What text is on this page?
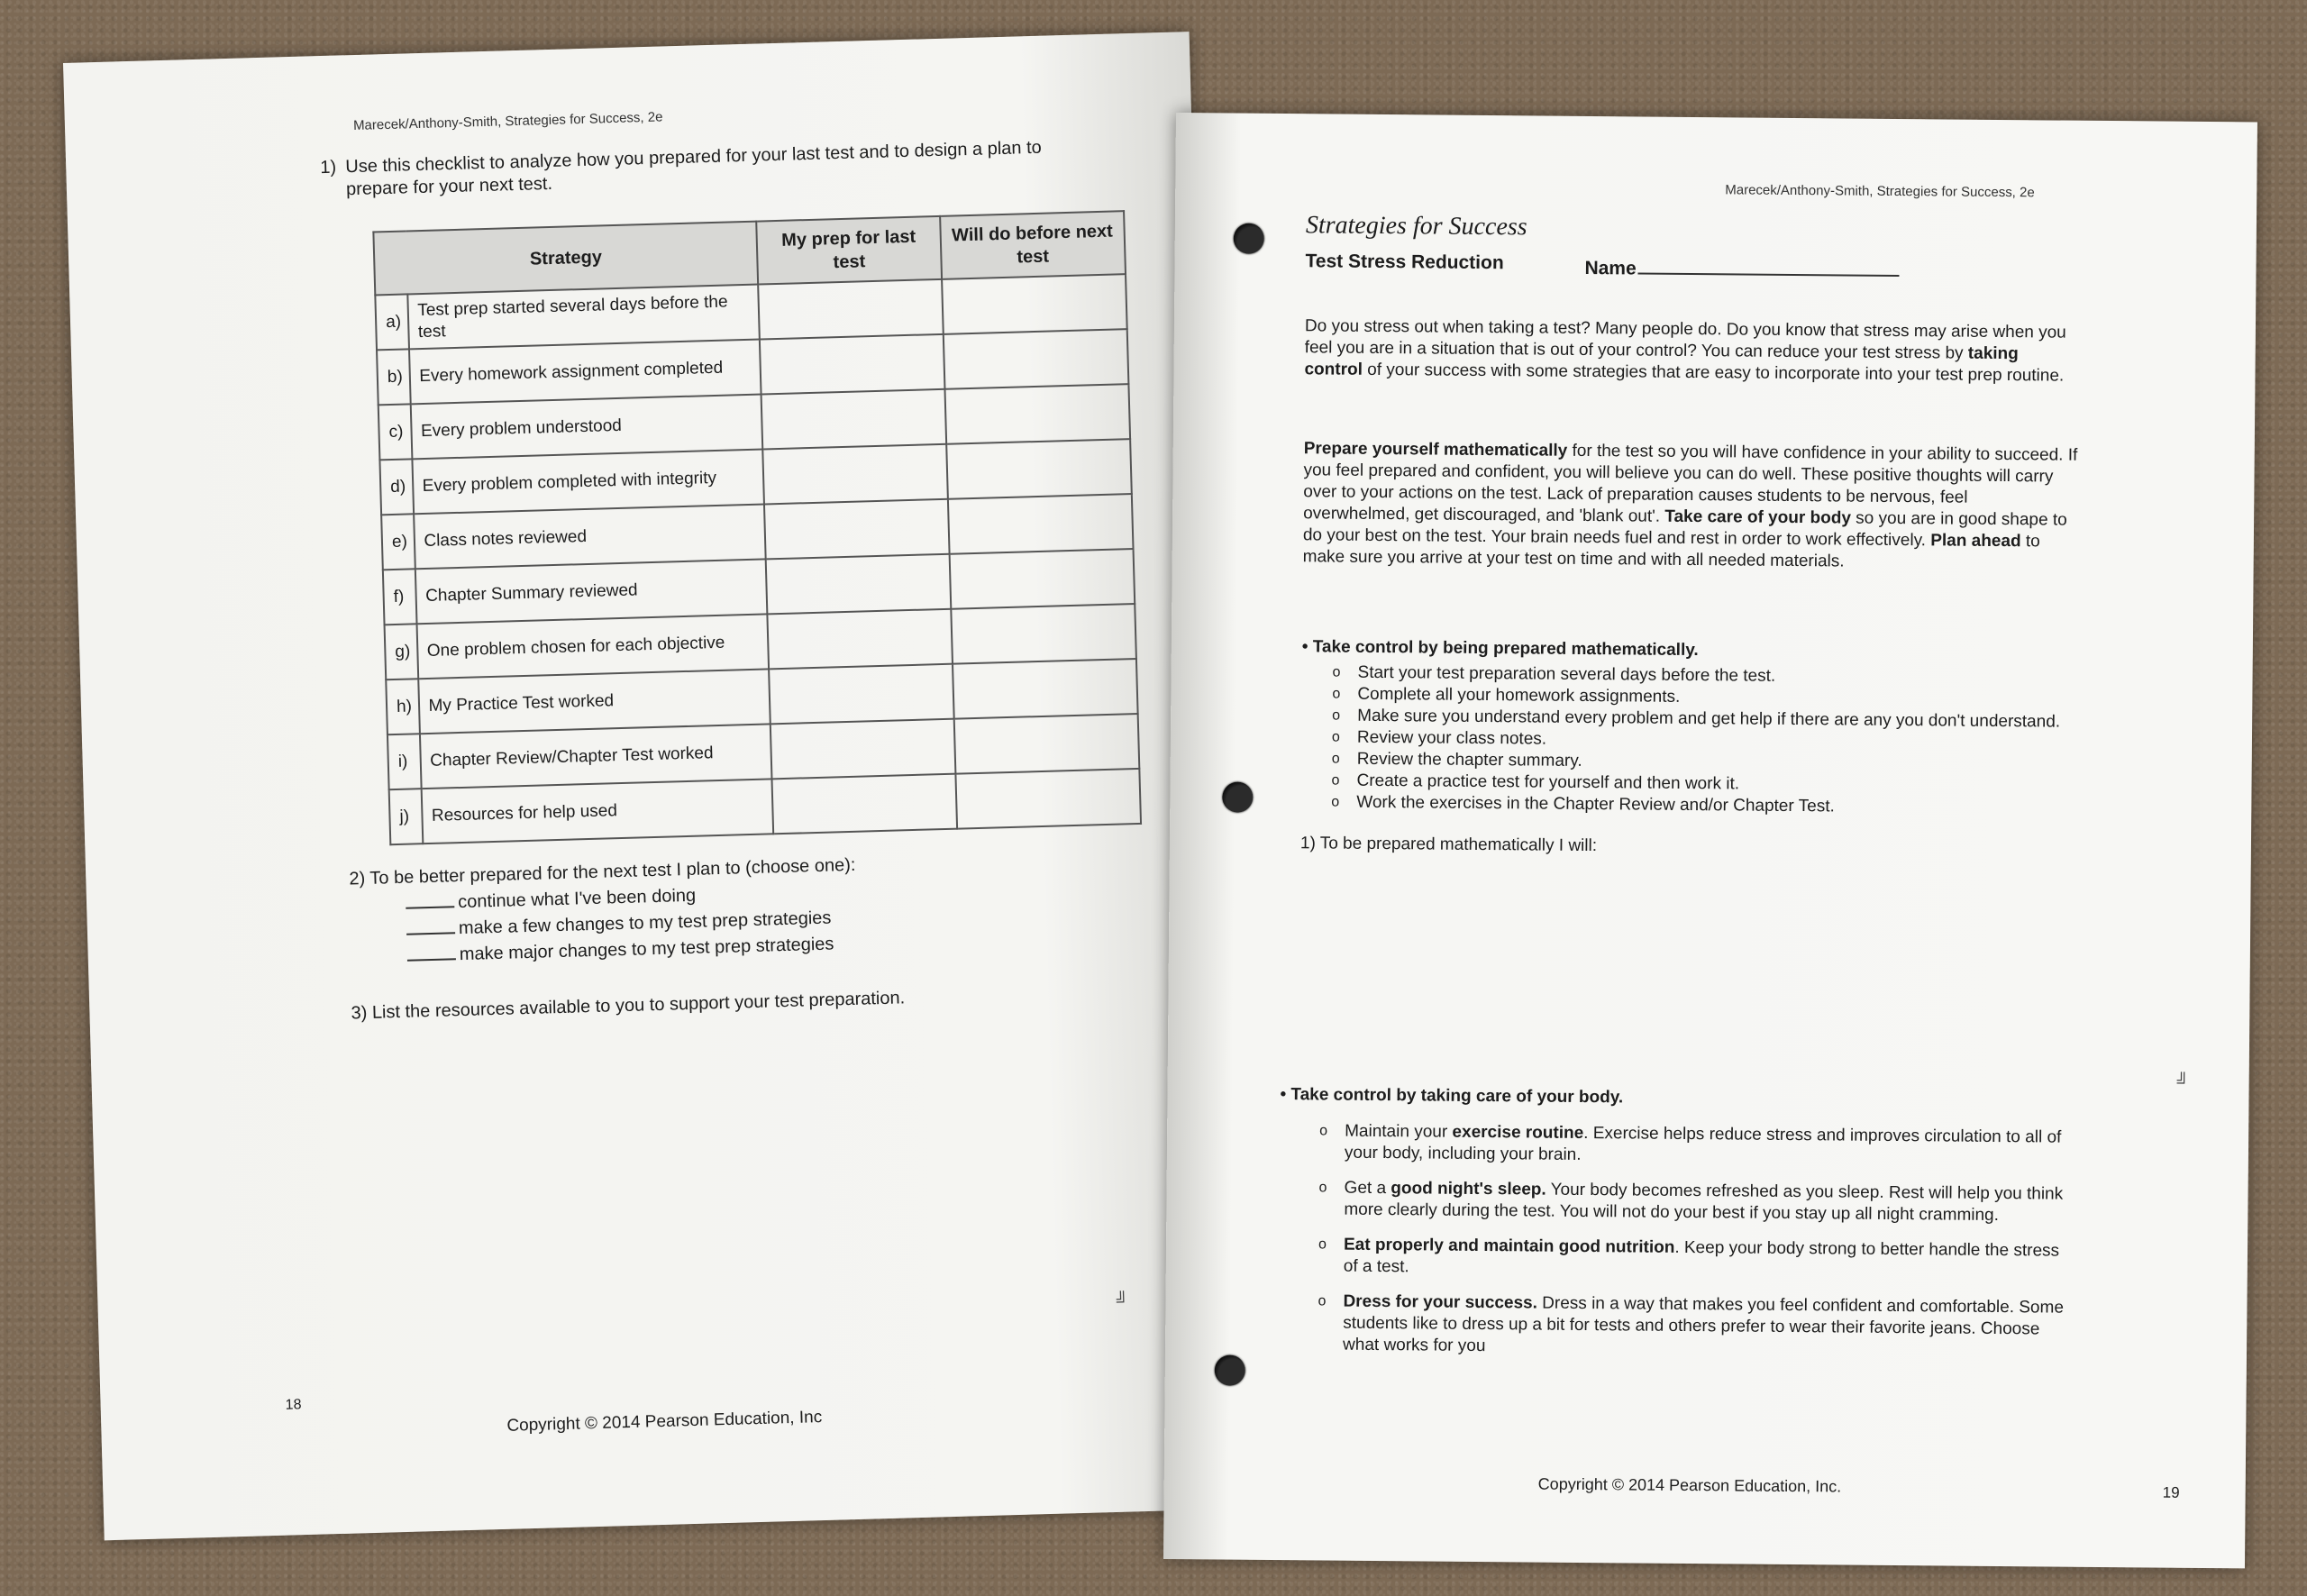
Marecek/Anthony-Smith, Strategies for Success, 2e
1) Use this checklist to analyze how you prepared for your last test and to design a plan to prepare for your next test.
Strategy		My prep for last test	Will do before next test
a)	Test prep started several days before the test		
b)	Every homework assignment completed		
c)	Every problem understood		
d)	Every problem completed with integrity		
e)	Class notes reviewed		
f)	Chapter Summary reviewed		
g)	One problem chosen for each objective		
h)	My Practice Test worked		
i)	Chapter Review/Chapter Test worked		
j)	Resources for help used		
2) To be better prepared for the next test I plan to (choose one):
continue what I've been doing
make a few changes to my test prep strategies
make major changes to my test prep strategies
3) List the resources available to you to support your test preparation.
╝
18
Copyright © 2014 Pearson Education, Inc
Marecek/Anthony-Smith, Strategies for Success, 2e
Strategies for Success
Test Stress Reduction	Name
Do you stress out when taking a test? Many people do. Do you know that stress may arise when you feel you are in a situation that is out of your control? You can reduce your test stress by taking control of your success with some strategies that are easy to incorporate into your test prep routine.
Prepare yourself mathematically for the test so you will have confidence in your ability to succeed. If you feel prepared and confident, you will believe you can do well. These positive thoughts will carry over to your actions on the test. Lack of preparation causes students to be nervous, feel overwhelmed, get discouraged, and 'blank out'. Take care of your body so you are in good shape to do your best on the test. Your brain needs fuel and rest in order to work effectively. Plan ahead to make sure you arrive at your test on time and with all needed materials.
• Take control by being prepared mathematically.
o Start your test preparation several days before the test.
o Complete all your homework assignments.
o Make sure you understand every problem and get help if there are any you don't understand.
o Review your class notes.
o Review the chapter summary.
o Create a practice test for yourself and then work it.
o Work the exercises in the Chapter Review and/or Chapter Test.
1) To be prepared mathematically I will:
╝
• Take control by taking care of your body.
o Maintain your exercise routine. Exercise helps reduce stress and improves circulation to all of your body, including your brain.
o Get a good night's sleep. Your body becomes refreshed as you sleep. Rest will help you think more clearly during the test. You will not do your best if you stay up all night cramming.
o Eat properly and maintain good nutrition. Keep your body strong to better handle the stress of a test.
o Dress for your success. Dress in a way that makes you feel confident and comfortable. Some students like to dress up a bit for tests and others prefer to wear their favorite jeans. Choose what works for you
Copyright © 2014 Pearson Education, Inc.	19
